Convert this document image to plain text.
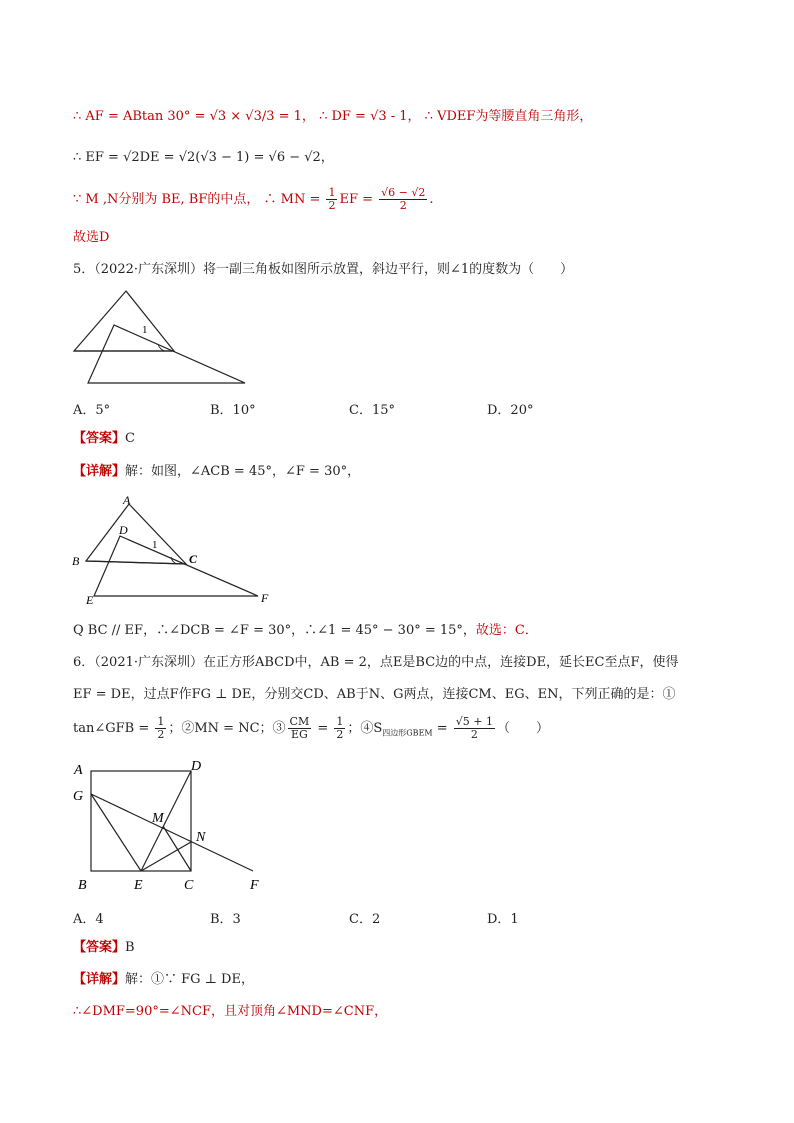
∴ AF = ABtan 30° = √3 × √3/3 = 1， ∴ DF = √3 - 1， ∴ VDEF为等腰直角三角形，
∴ EF = √2DE = √2(√3 − 1) = √6 − √2，
∵ M ,N分别为 BE, BF的中点， ∴ MN = $\frac{1}{2}$ EF = $\frac{√6 - √2}{2}$ .
故选D
5．（2022·广东深圳）将一副三角板如图所示放置，斜边平行，则∠1的度数为（　　）
1
A．5°	B．10°	C．15°	D．20°
【答案】C
【详解】解：如图，∠ACB = 45°，∠F = 30°，
A
B	C
D
E	F
1
Q BC // EF，∴∠DCB = ∠F = 30°，∴∠1 = 45° − 30° = 15°，故选：C．
6．（2021·广东深圳）在正方形ABCD中，AB = 2，点E是BC边的中点，连接DE，延长EC至点F，使得
EF = DE，过点F作FG ⊥ DE，分别交CD、AB于N、G两点，连接CM、EG、EN，下列正确的是：①
tan∠GFB = $\frac{1}{2}$ ；②MN = NC；③ $\frac{CM}{EG} = \frac{1}{2}$ ；$④S_{四边形GBEM} = \frac{√5 + 1}{2}$ （　　）
A	D
G
M
N
B	E	C	F
A．4	B．3	C．2	D．1
【答案】B
【详解】解：①∵ FG ⊥ DE，
∴∠DMF=90°=∠NCF，且对顶角∠MND=∠CNF，
